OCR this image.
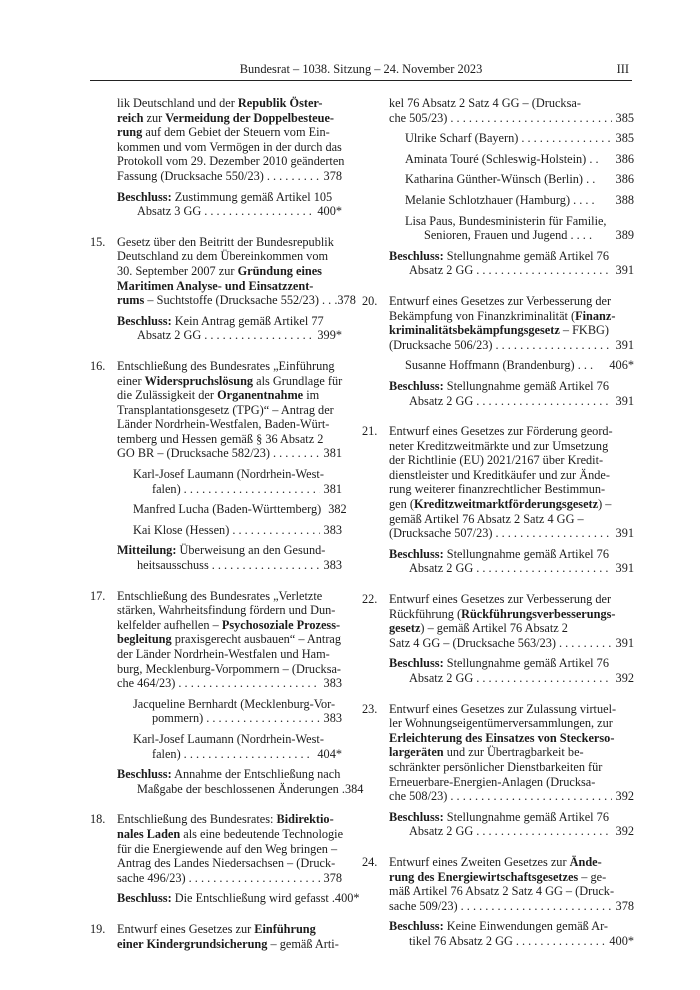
Bundesrat – 1038. Sitzung – 24. November 2023	III
lik Deutschland und der Republik Öster-
reich zur Vermeidung der Doppelbesteue-
rung auf dem Gebiet der Steuern vom Ein-
kommen und vom Vermögen in der durch das
Protokoll vom 29. Dezember 2010 geänderten
Fassung (Drucksache 550/23) . . .	378
Beschluss: Zustimmung gemäß Artikel 105
Absatz 3 GG . . .	400*
15. Gesetz über den Beitritt der Bundesrepublik
Deutschland zu dem Übereinkommen vom
30. September 2007 zur Gründung eines
Maritimen Analyse- und Einsatzzent-
rums – Suchtstoffe (Drucksache 552/23) . . . 378
Beschluss: Kein Antrag gemäß Artikel 77
Absatz 2 GG . . .	399*
16. Entschließung des Bundesrates „Einführung
einer Widerspruchslösung als Grundlage für
die Zulässigkeit der Organentnahme im
Transplantationsgesetz (TPG)“ – Antrag der
Länder Nordrhein-Westfalen, Baden-Würt-
temberg und Hessen gemäß § 36 Absatz 2
GO BR – (Drucksache 582/23) . . .	381
Karl-Josef Laumann (Nordrhein-West-
falen) . . .	381
Manfred Lucha (Baden-Württemberg) 382
Kai Klose (Hessen) . . .	383
Mitteilung: Überweisung an den Gesund-
heitsausschuss . . .	383
17. Entschließung des Bundesrates „Verletzte
stärken, Wahrheitsfindung fördern und Dun-
kelfelder aufhellen – Psychosoziale Prozess-
begleitung praxisgerecht ausbauen“ – Antrag
der Länder Nordrhein-Westfalen und Ham-
burg, Mecklenburg-Vorpommern – (Drucksa-
che 464/23) . . .	383
Jacqueline Bernhardt (Mecklenburg-Vor-
pommern) . . .	383
Karl-Josef Laumann (Nordrhein-West-
falen) . . .	404*
Beschluss: Annahme der Entschließung nach
Maßgabe der beschlossenen Änderungen . 384
18. Entschließung des Bundesrates: Bidirektio-
nales Laden als eine bedeutende Technologie
für die Energiewende auf den Weg bringen –
Antrag des Landes Niedersachsen – (Druck-
sache 496/23) . . .	378
Beschluss: Die Entschließung wird gefasst . 400*
19. Entwurf eines Gesetzes zur Einführung
einer Kindergrundsicherung – gemäß Arti-
kel 76 Absatz 2 Satz 4 GG – (Drucksa-
che 505/23) . . .	385
Ulrike Scharf (Bayern) . . .	385
Aminata Touré (Schleswig-Holstein) . . 386
Katharina Günther-Wünsch (Berlin) . . 386
Melanie Schlotzhauer (Hamburg) . . . . 388
Lisa Paus, Bundesministerin für Familie,
Senioren, Frauen und Jugend . . . . 389
Beschluss: Stellungnahme gemäß Artikel 76
Absatz 2 GG . . .	391
20. Entwurf eines Gesetzes zur Verbesserung der
Bekämpfung von Finanzkriminalität (Finanz-
kriminalitätsbekämpfungsgesetz – FKBG)
(Drucksache 506/23) . . .	391
Susanne Hoffmann (Brandenburg) . . . 406*
Beschluss: Stellungnahme gemäß Artikel 76
Absatz 2 GG . . .	391
21. Entwurf eines Gesetzes zur Förderung geord-
neter Kreditzweitmärkte und zur Umsetzung
der Richtlinie (EU) 2021/2167 über Kredit-
dienstleister und Kreditkäufer und zur Ände-
rung weiterer finanzrechtlicher Bestimmun-
gen (Kreditzweitmarktförderungsgesetz) –
gemäß Artikel 76 Absatz 2 Satz 4 GG –
(Drucksache 507/23) . . .	391
Beschluss: Stellungnahme gemäß Artikel 76
Absatz 2 GG . . .	391
22. Entwurf eines Gesetzes zur Verbesserung der
Rückführung (Rückführungsverbesserungs-
gesetz) – gemäß Artikel 76 Absatz 2
Satz 4 GG – (Drucksache 563/23) . . .	391
Beschluss: Stellungnahme gemäß Artikel 76
Absatz 2 GG . . .	392
23. Entwurf eines Gesetzes zur Zulassung virtuel-
ler Wohnungseigentümerversammlungen, zur
Erleichterung des Einsatzes von Steckerso-
largeräten und zur Übertragbarkeit be-
schränkter persönlicher Dienstbarkeiten für
Erneuerbare-Energien-Anlagen (Drucksa-
che 508/23) . . .	392
Beschluss: Stellungnahme gemäß Artikel 76
Absatz 2 GG . . .	392
24. Entwurf eines Zweiten Gesetzes zur Ände-
rung des Energiewirtschaftsgesetzes – ge-
mäß Artikel 76 Absatz 2 Satz 4 GG – (Druck-
sache 509/23) . . .	378
Beschluss: Keine Einwendungen gemäß Ar-
tikel 76 Absatz 2 GG . . .	400*
